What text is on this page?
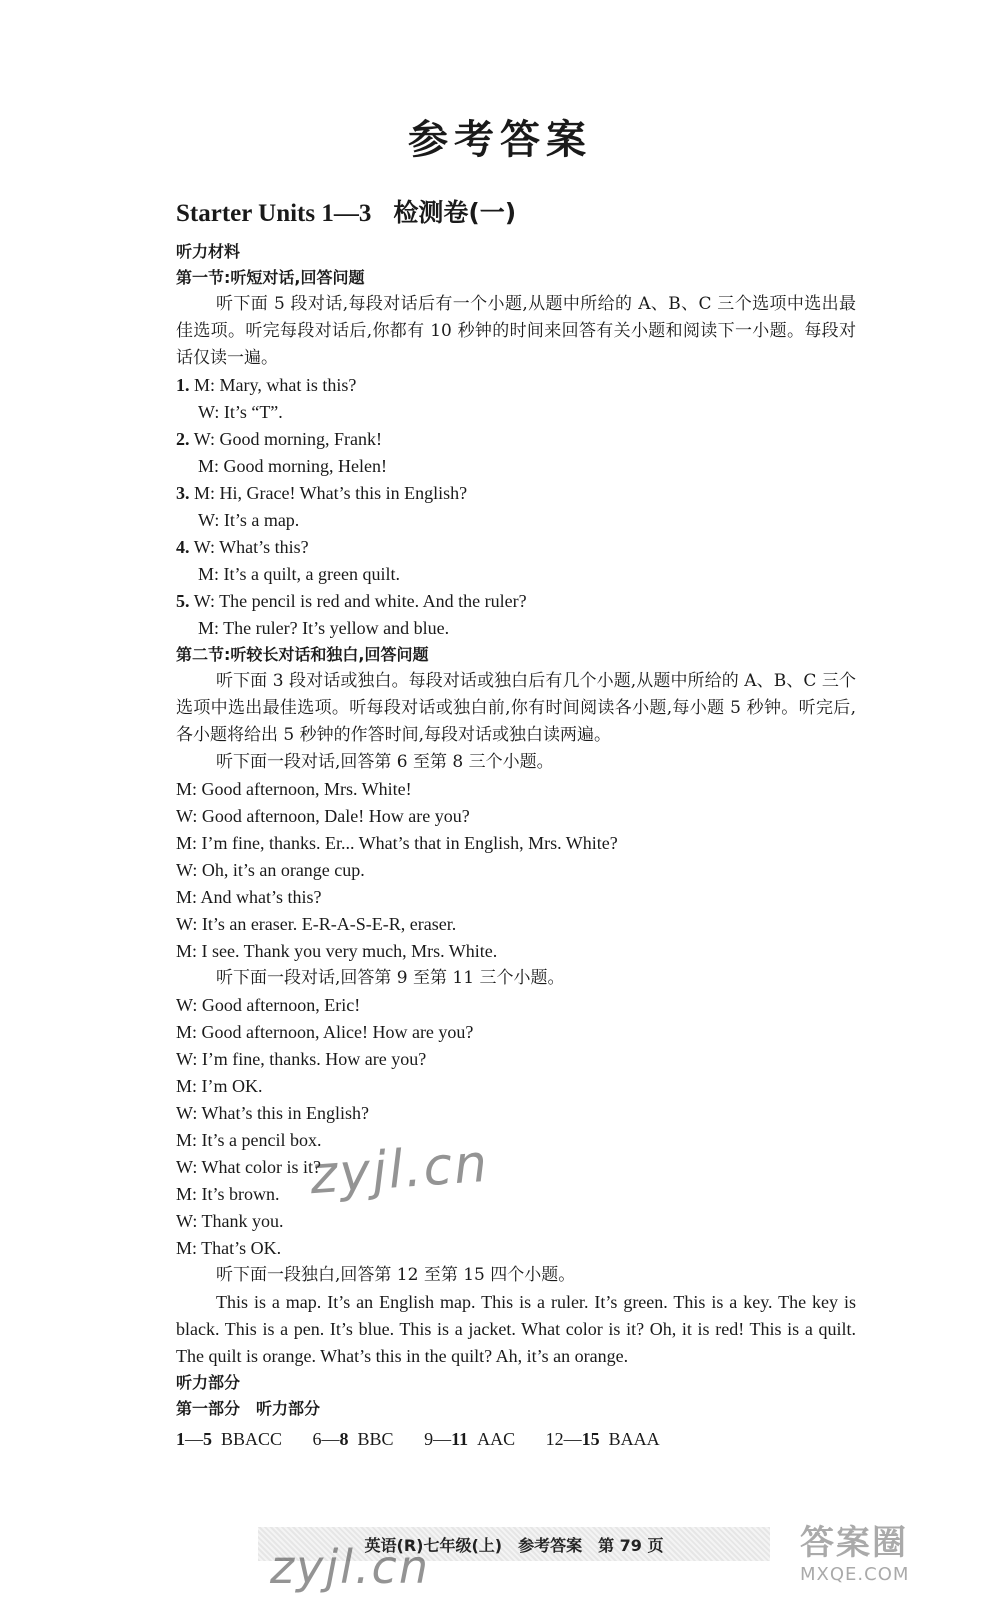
参考答案
Starter Units 1—3 检测卷(一)
听力材料
第一节:听短对话,回答问题

听下面 5 段对话,每段对话后有一个小题,从题中所给的 A、B、C 三个选项中选出最佳选项。听完每段对话后,你都有 10 秒钟的时间来回答有关小题和阅读下一小题。每段对话仅读一遍。

1. M: Mary, what is this?
W: It’s “T”.
2. W: Good morning, Frank!
M: Good morning, Helen!
3. M: Hi, Grace! What’s this in English?
W: It’s a map.
4. W: What’s this?
M: It’s a quilt, a green quilt.
5. W: The pencil is red and white. And the ruler?
M: The ruler? It’s yellow and blue.
第二节:听较长对话和独白,回答问题

听下面 3 段对话或独白。每段对话或独白后有几个小题,从题中所给的 A、B、C 三个选项中选出最佳选项。听每段对话或独白前,你有时间阅读各小题,每小题 5 秒钟。听完后,各小题将给出 5 秒钟的作答时间,每段对话或独白读两遍。

听下面一段对话,回答第 6 至第 8 三个小题。
M: Good afternoon, Mrs. White!
W: Good afternoon, Dale! How are you?
M: I’m fine, thanks. Er... What’s that in English, Mrs. White?
W: Oh, it’s an orange cup.
M: And what’s this?
W: It’s an eraser. E-R-A-S-E-R, eraser.
M: I see. Thank you very much, Mrs. White.
听下面一段对话,回答第 9 至第 11 三个小题。
W: Good afternoon, Eric!
M: Good afternoon, Alice! How are you?
W: I’m fine, thanks. How are you?
M: I’m OK.
W: What’s this in English?
M: It’s a pencil box.
W: What color is it?
M: It’s brown.
W: Thank you.
M: That’s OK.
听下面一段独白,回答第 12 至第 15 四个小题。

This is a map. It’s an English map. This is a ruler. It’s green. This is a key. The key is black. This is a pen. It’s blue. This is a jacket. What color is it? Oh, it is red! This is a quilt. The quilt is orange. What’s this in the quilt? Ah, it’s an orange.

听力部分
第一部分　听力部分
1—5 BBACC 6—8 BBC 9—11 AAC 12—15 BAAA
zyjl.cn
英语(R)七年级(上)　参考答案　第 79 页
zyjl.cn	答案圈
MXQE.COM
